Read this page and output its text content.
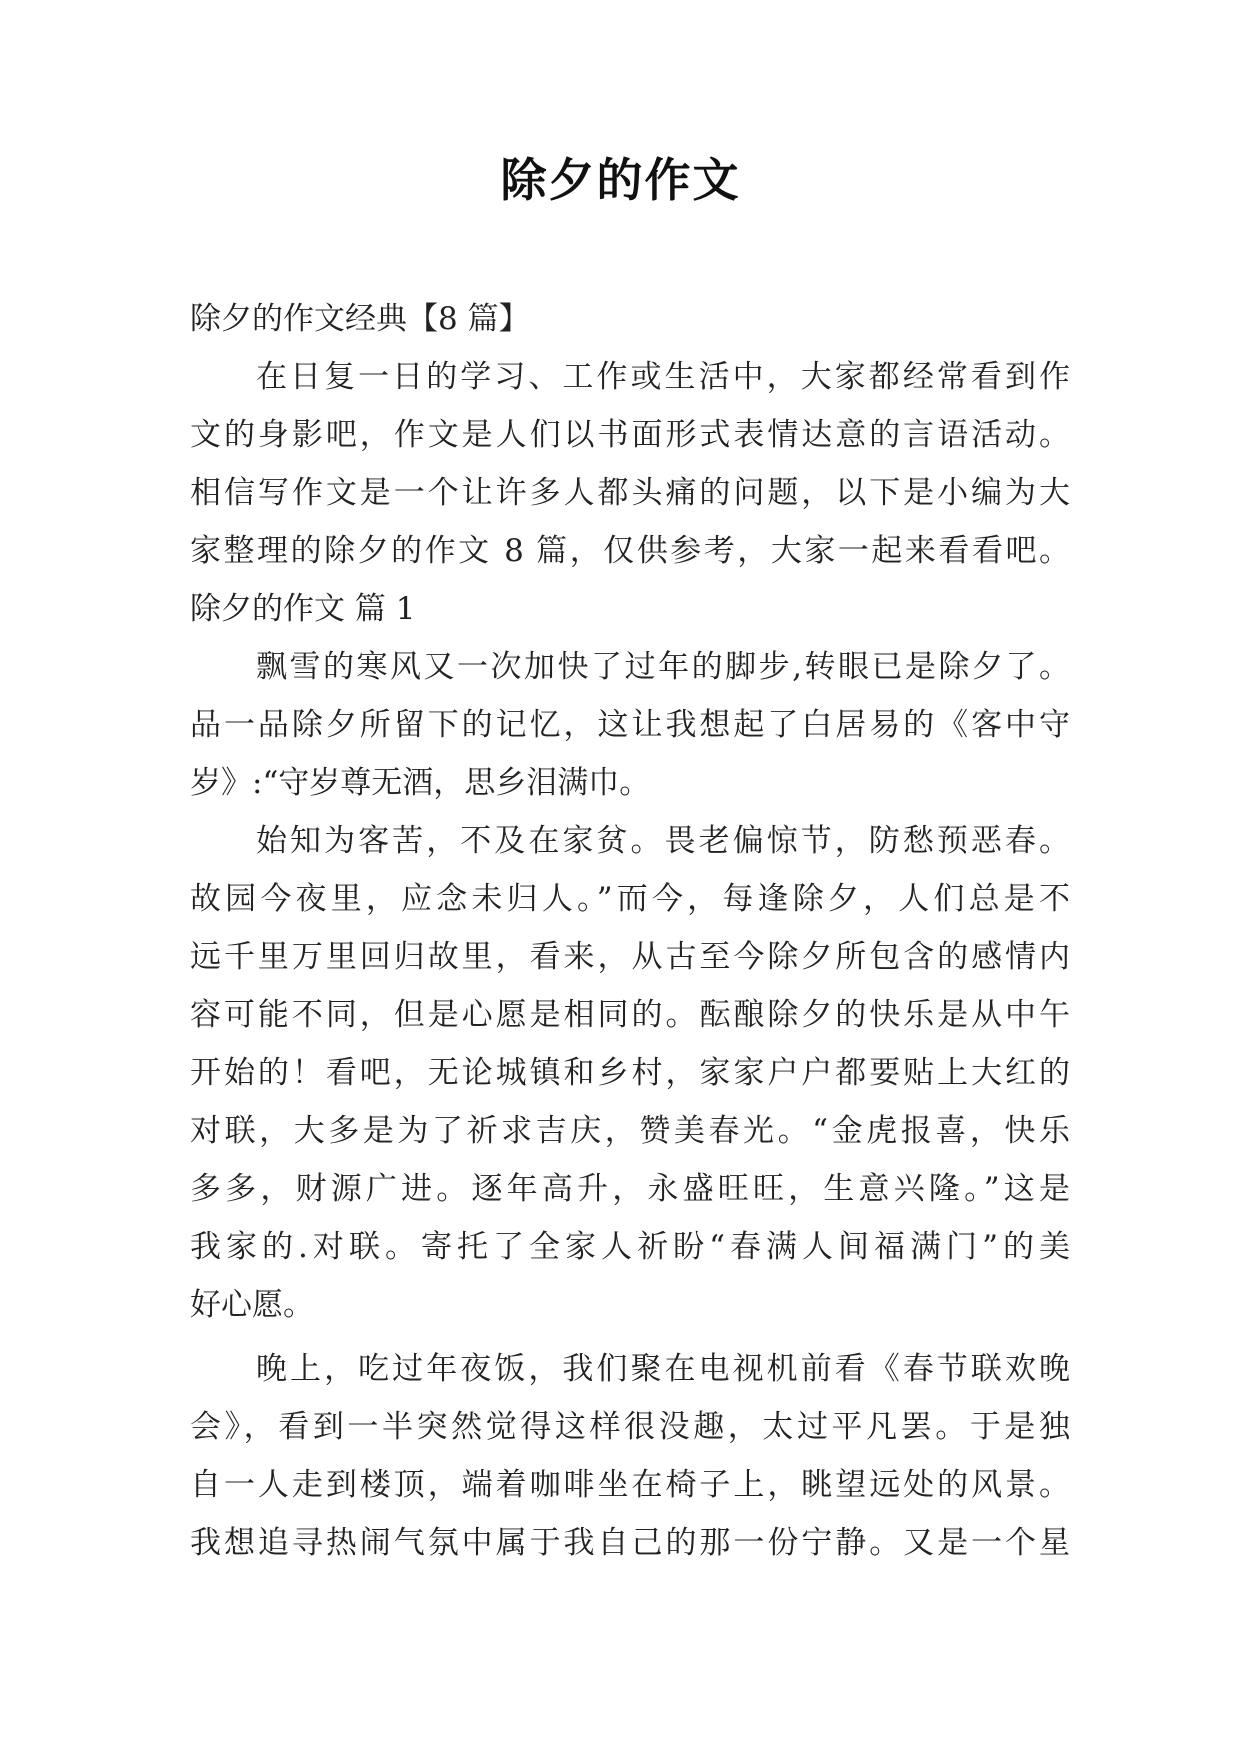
除夕的作文
除夕的作文经典【8 篇】
在日复一日的学习、工作或生活中，大家都经常看到作
文的身影吧，作文是人们以书面形式表情达意的言语活动。
相信写作文是一个让许多人都头痛的问题，以下是小编为大
家整理的除夕的作文 8 篇，仅供参考，大家一起来看看吧。
除夕的作文 篇 1
飘雪的寒风又一次加快了过年的脚步,转眼已是除夕了。
品一品除夕所留下的记忆，这让我想起了白居易的《客中守
岁》:“守岁尊无酒，思乡泪满巾。
始知为客苦，不及在家贫。畏老偏惊节，防愁预恶春。
故园今夜里，应念未归人。”而今，每逢除夕，人们总是不
远千里万里回归故里，看来，从古至今除夕所包含的感情内
容可能不同，但是心愿是相同的。酝酿除夕的快乐是从中午
开始的！看吧，无论城镇和乡村，家家户户都要贴上大红的
对联，大多是为了祈求吉庆，赞美春光。“金虎报喜，快乐
多多，财源广进。逐年高升，永盛旺旺，生意兴隆。”这是
我家的.对联。寄托了全家人祈盼“春满人间福满门”的美
好心愿。
晚上，吃过年夜饭，我们聚在电视机前看《春节联欢晚
会》，看到一半突然觉得这样很没趣，太过平凡罢。于是独
自一人走到楼顶，端着咖啡坐在椅子上，眺望远处的风景。
我想追寻热闹气氛中属于我自己的那一份宁静。又是一个星
